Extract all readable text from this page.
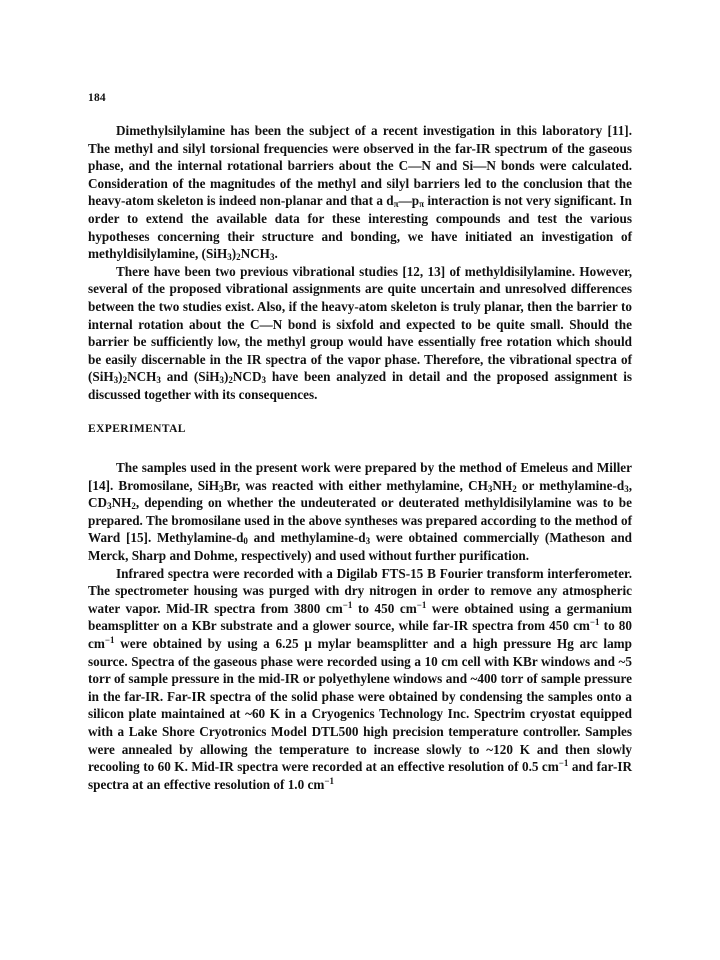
184

Dimethylsilylamine has been the subject of a recent investigation in this laboratory [11]. The methyl and silyl torsional frequencies were observed in the far-IR spectrum of the gaseous phase, and the internal rotational barriers about the C—N and Si—N bonds were calculated. Consideration of the magnitudes of the methyl and silyl barriers led to the conclusion that the heavy-atom skeleton is indeed non-planar and that a $d_\pi—p_\pi$ interaction is not very significant. In order to extend the available data for these interesting compounds and test the various hypotheses concerning their structure and bonding, we have initiated an investigation of methyldisilylamine, $(SiH_3)_2NCH_3$.

There have been two previous vibrational studies [12, 13] of methyldisilylamine. However, several of the proposed vibrational assignments are quite uncertain and unresolved differences between the two studies exist. Also, if the heavy-atom skeleton is truly planar, then the barrier to internal rotation about the C—N bond is sixfold and expected to be quite small. Should the barrier be sufficiently low, the methyl group would have essentially free rotation which should be easily discernable in the IR spectra of the vapor phase. Therefore, the vibrational spectra of $(SiH_3)_2NCH_3$ and $(SiH_3)_2NCD_3$ have been analyzed in detail and the proposed assignment is discussed together with its consequences.

EXPERIMENTAL

The samples used in the present work were prepared by the method of Emeleus and Miller [14]. Bromosilane, SiH$_3$Br, was reacted with either methylamine, $CH_3NH_2$ or methylamine-$d_3$, $CD_3NH_2$, depending on whether the undeuterated or deuterated methyldisilylamine was to be prepared. The bromosilane used in the above syntheses was prepared according to the method of Ward [15]. Methylamine-$d_0$ and methylamine-$d_3$ were obtained commercially (Matheson and Merck, Sharp and Dohme, respectively) and used without further purification.

Infrared spectra were recorded with a Digilab FTS-15 B Fourier transform interferometer. The spectrometer housing was purged with dry nitrogen in order to remove any atmospheric water vapor. Mid-IR spectra from 3800 $cm^{-1}$ to 450 $cm^{-1}$ were obtained using a germanium beamsplitter on a KBr substrate and a glower source, while far-IR spectra from 450 $cm^{-1}$ to 80 $cm^{-1}$ were obtained by using a 6.25 μ mylar beamsplitter and a high pressure Hg arc lamp source. Spectra of the gaseous phase were recorded using a 10 cm cell with KBr windows and ~5 torr of sample pressure in the mid-IR or polyethylene windows and ~400 torr of sample pressure in the far-IR. Far-IR spectra of the solid phase were obtained by condensing the samples onto a silicon plate maintained at ~60 K in a Cryogenics Technology Inc. Spectrim cryostat equipped with a Lake Shore Cryotronics Model DTL500 high precision temperature controller. Samples were annealed by allowing the temperature to increase slowly to ~120 K and then slowly recooling to 60 K. Mid-IR spectra were recorded at an effective resolution of 0.5 $cm^{-1}$ and far-IR spectra at an effective resolution of 1.0 $cm^{-1}$
